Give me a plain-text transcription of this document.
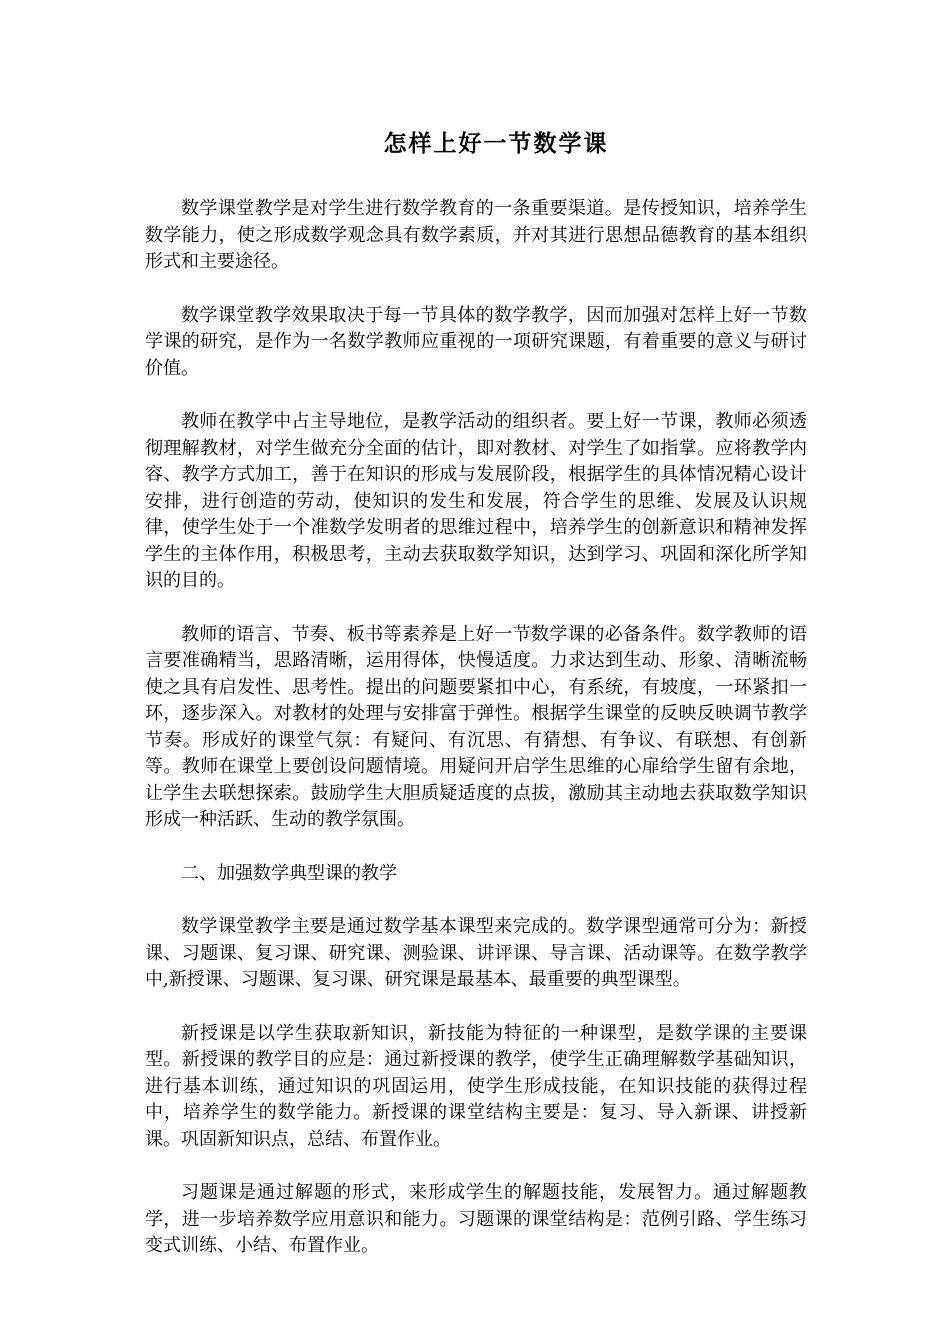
怎样上好一节数学课

数学课堂教学是对学生进行数学教育的一条重要渠道。是传授知识，培养学生数学能力，使之形成数学观念具有数学素质，并对其进行思想品德教育的基本组织形式和主要途径。

数学课堂教学效果取决于每一节具体的数学教学，因而加强对怎样上好一节数学课的研究，是作为一名数学教师应重视的一项研究课题，有着重要的意义与研讨价值。

教师在教学中占主导地位，是教学活动的组织者。要上好一节课，教师必须透彻理解教材，对学生做充分全面的估计，即对教材、对学生了如指掌。应将教学内容、教学方式加工，善于在知识的形成与发展阶段，根据学生的具体情况精心设计安排，进行创造的劳动，使知识的发生和发展，符合学生的思维、发展及认识规律，使学生处于一个准数学发明者的思维过程中，培养学生的创新意识和精神发挥学生的主体作用，积极思考，主动去获取数学知识，达到学习、巩固和深化所学知识的目的。

教师的语言、节奏、板书等素养是上好一节数学课的必备条件。数学教师的语言要准确精当，思路清晰，运用得体，快慢适度。力求达到生动、形象、清晰流畅使之具有启发性、思考性。提出的问题要紧扣中心，有系统，有坡度，一环紧扣一环，逐步深入。对教材的处理与安排富于弹性。根据学生课堂的反映反映调节教学节奏。形成好的课堂气氛：有疑问、有沉思、有猜想、有争议、有联想、有创新等。教师在课堂上要创设问题情境。用疑问开启学生思维的心扉给学生留有余地，让学生去联想探索。鼓励学生大胆质疑适度的点拔，激励其主动地去获取数学知识形成一种活跃、生动的教学氛围。

二、加强数学典型课的教学

数学课堂教学主要是通过数学基本课型来完成的。数学课型通常可分为：新授课、习题课、复习课、研究课、测验课、讲评课、导言课、活动课等。在数学教学中,新授课、习题课、复习课、研究课是最基本、最重要的典型课型。

新授课是以学生获取新知识，新技能为特征的一种课型，是数学课的主要课型。新授课的教学目的应是：通过新授课的教学，使学生正确理解数学基础知识，进行基本训练，通过知识的巩固运用，使学生形成技能，在知识技能的获得过程中，培养学生的数学能力。新授课的课堂结构主要是：复习、导入新课、讲授新课。巩固新知识点，总结、布置作业。

习题课是通过解题的形式，来形成学生的解题技能，发展智力。通过解题教学，进一步培养数学应用意识和能力。习题课的课堂结构是：范例引路、学生练习变式训练、小结、布置作业。
